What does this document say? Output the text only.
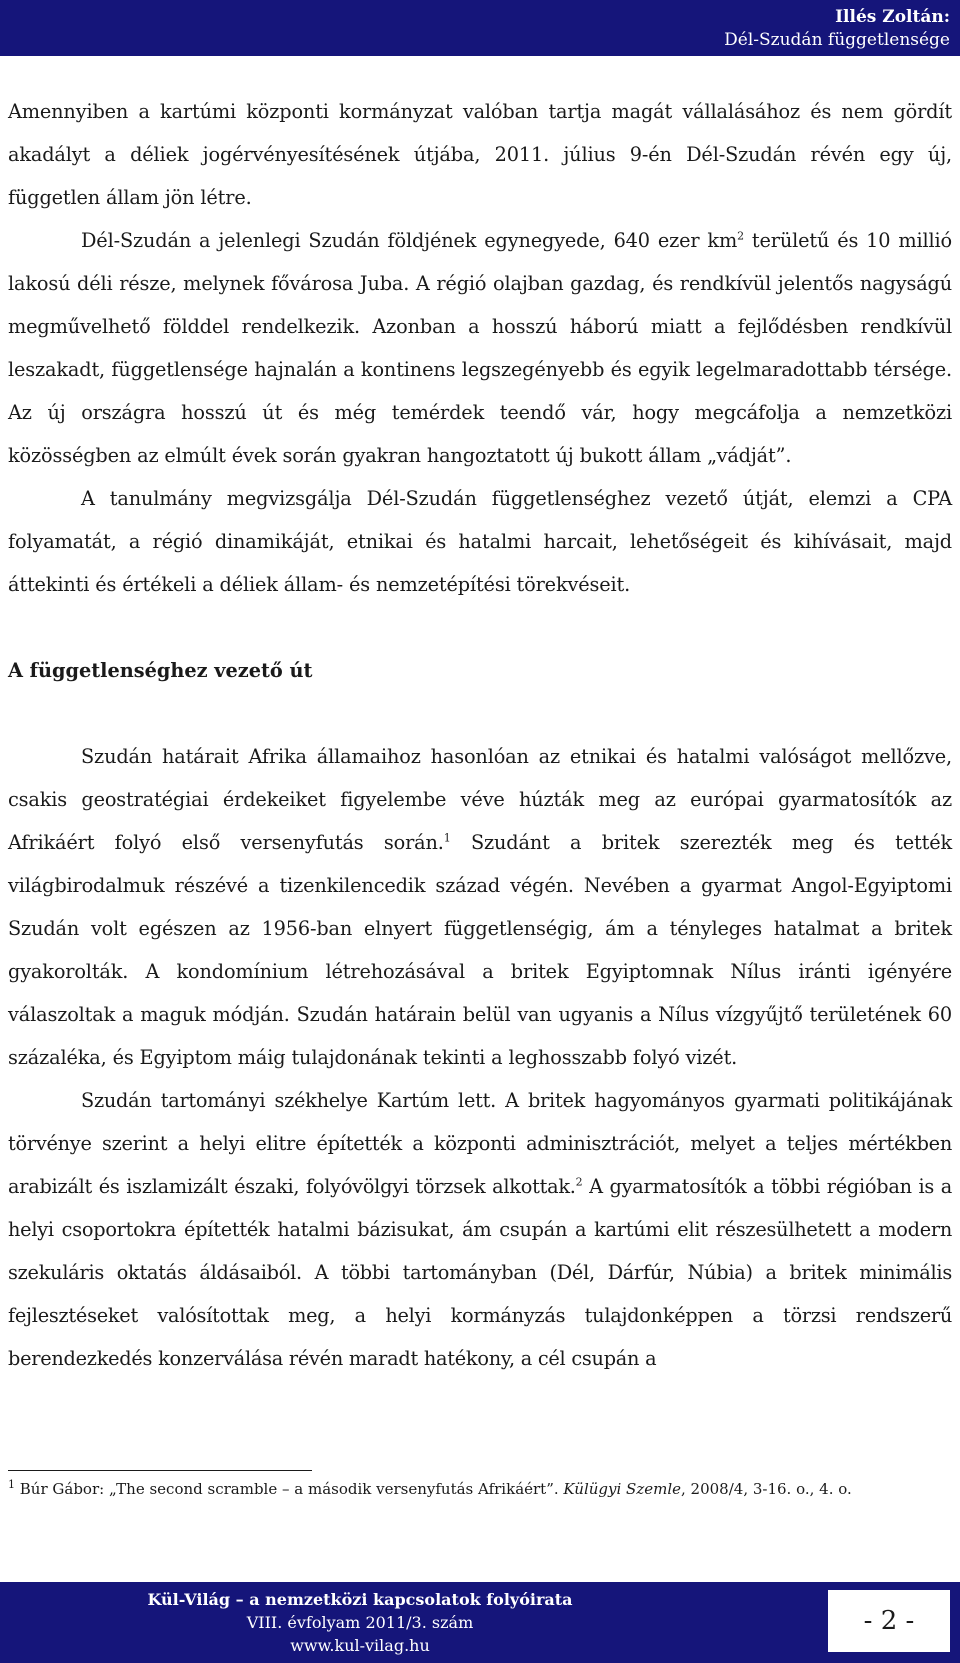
Illés Zoltán:
Dél-Szudán függetlensége

Amennyiben a kartúmi központi kormányzat valóban tartja magát vállalásához és nem gördít akadályt a déliek jogérvényesítésének útjába, 2011. július 9-én Dél-Szudán révén egy új, független állam jön létre.

Dél-Szudán a jelenlegi Szudán földjének egynegyede, 640 ezer $km^2$ területű és 10 millió lakosú déli része, melynek fővárosa Juba. A régió olajban gazdag, és rendkívül jelentős nagyságú megművelhető földdel rendelkezik. Azonban a hosszú háború miatt a fejlődésben rendkívül leszakadt, függetlensége hajnalán a kontinens legszegényebb és egyik legelmaradottabb térsége. Az új országra hosszú út és még temérdek teendő vár, hogy megcáfolja a nemzetközi közösségben az elmúlt évek során gyakran hangoztatott új bukott állam „vádját”.

A tanulmány megvizsgálja Dél-Szudán függetlenséghez vezető útját, elemzi a CPA folyamatát, a régió dinamikáját, etnikai és hatalmi harcait, lehetőségeit és kihívásait, majd áttekinti és értékeli a déliek állam- és nemzetépítési törekvéseit.

A függetlenséghez vezető út

Szudán határait Afrika államaihoz hasonlóan az etnikai és hatalmi valóságot mellőzve, csakis geostratégiai érdekeiket figyelembe véve húzták meg az európai gyarmatosítók az Afrikáért folyó első versenyfutás során.$^1$ Szudánt a britek szerezték meg és tették világbirodalmuk részévé a tizenkilencedik század végén. Nevében a gyarmat Angol-Egyiptomi Szudán volt egészen az 1956-ban elnyert függetlenségig, ám a tényleges hatalmat a britek gyakorolták. A kondomínium létrehozásával a britek Egyiptomnak Nílus iránti igényére válaszoltak a maguk módján. Szudán határain belül van ugyanis a Nílus vízgyűjtő területének 60 százaléka, és Egyiptom máig tulajdonának tekinti a leghosszabb folyó vizét.

Szudán tartományi székhelye Kartúm lett. A britek hagyományos gyarmati politikájának törvénye szerint a helyi elitre építették a központi adminisztrációt, melyet a teljes mértékben arabizált és iszlamizált északi, folyóvölgyi törzsek alkottak.$^2$ A gyarmatosítók a többi régióban is a helyi csoportokra építették hatalmi bázisukat, ám csupán a kartúmi elit részesülhetett a modern szekuláris oktatás áldásaiból. A többi tartományban (Dél, Dárfúr, Núbia) a britek minimális fejlesztéseket valósítottak meg, a helyi kormányzás tulajdonképpen a törzsi rendszerű berendezkedés konzerválása révén maradt hatékony, a cél csupán a

$^1$ Búr Gábor: „The second scramble – a második versenyfutás Afrikáért”. Külügyi Szemle, 2008/4, 3-16. o., 4. o.
Kül-Világ – a nemzetközi kapcsolatok folyóirata
VIII. évfolyam 2011/3. szám
www.kul-vilag.hu
- 2 -
